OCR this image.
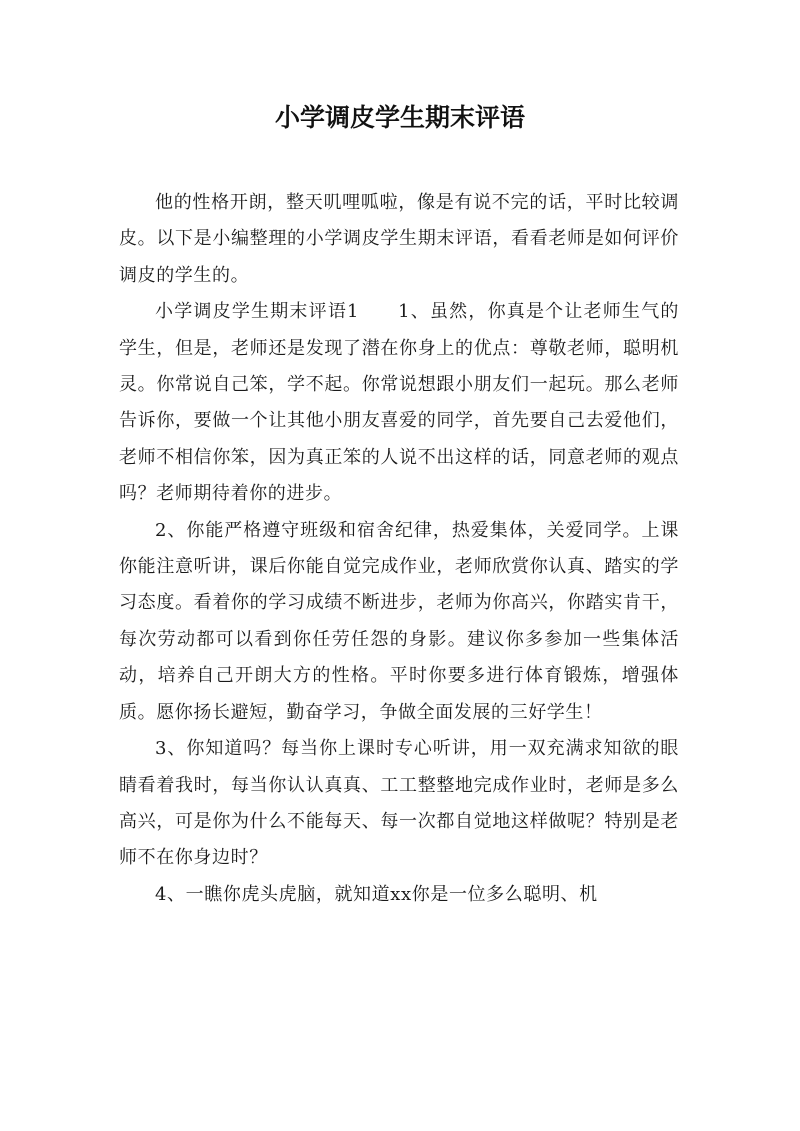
小学调皮学生期末评语

他的性格开朗，整天叽哩呱啦，像是有说不完的话，平时比较调皮。以下是小编整理的小学调皮学生期末评语，看看老师是如何评价调皮的学生的。

小学调皮学生期末评语1　　1、虽然，你真是个让老师生气的学生，但是，老师还是发现了潜在你身上的优点：尊敬老师，聪明机灵。你常说自己笨，学不起。你常说想跟小朋友们一起玩。那么老师告诉你，要做一个让其他小朋友喜爱的同学，首先要自己去爱他们，老师不相信你笨，因为真正笨的人说不出这样的话，同意老师的观点吗？老师期待着你的进步。

2、你能严格遵守班级和宿舍纪律，热爱集体，关爱同学。上课你能注意听讲，课后你能自觉完成作业，老师欣赏你认真、踏实的学习态度。看着你的学习成绩不断进步，老师为你高兴，你踏实肯干，每次劳动都可以看到你任劳任怨的身影。建议你多参加一些集体活动，培养自己开朗大方的性格。平时你要多进行体育锻炼，增强体质。愿你扬长避短，勤奋学习，争做全面发展的三好学生！

3、你知道吗？每当你上课时专心听讲，用一双充满求知欲的眼睛看着我时，每当你认认真真、工工整整地完成作业时，老师是多么高兴，可是你为什么不能每天、每一次都自觉地这样做呢？特别是老师不在你身边时？

4、一瞧你虎头虎脑，就知道xx你是一位多么聪明、机
